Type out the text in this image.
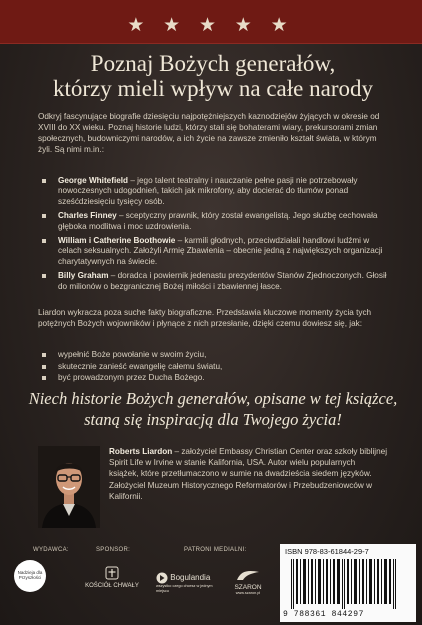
★ ★ ★ ★ ★
Poznaj Bożych generałów,
którzy mieli wpływ na całe narody
Odkryj fascynujące biografie dziesięciu najpotężniejszych kaznodziejów żyjących w okresie od XVIII do XX wieku. Poznaj historie ludzi, którzy stali się bohaterami wiary, prekursorami zmian społecznych, budowniczymi narodów, a ich życie na zawsze zmieniło kształt świata, w którym żyli. Są nimi m.in.:
George Whitefield – jego talent teatralny i nauczanie pełne pasji nie potrzebowały nowoczesnych udogodnień, takich jak mikrofony, aby docierać do tłumów ponad sześćdziesięciu tysięcy osób.
Charles Finney – sceptyczny prawnik, który został ewangelistą. Jego służbę cechowała głęboka modlitwa i moc uzdrowienia.
William i Catherine Boothowie – karmili głodnych, przeciwdziałali handlowi ludźmi w celach seksualnych. Założyli Armię Zbawienia – obecnie jedną z największych organizacji charytatywnych na świecie.
Billy Graham – doradca i powiernik jedenastu prezydentów Stanów Zjednoczonych. Głosił do milionów o bezgranicznej Bożej miłości i zbawiennej łasce.
Liardon wykracza poza suche fakty biograficzne. Przedstawia kluczowe momenty życia tych potężnych Bożych wojowników i płynące z nich przesłanie, dzięki czemu dowiesz się, jak:
wypełnić Boże powołanie w swoim życiu,
skutecznie zanieść ewangelię całemu światu,
być prowadzonym przez Ducha Bożego.
Niech historie Bożych generałów, opisane w tej książce,
staną się inspiracją dla Twojego życia!
Roberts Liardon – założyciel Embassy Christian Center oraz szkoły biblijnej Spirit Life w Irvine w stanie Kalifornia, USA. Autor wielu popularnych książek, które przetłumaczono w sumie na dwadzieścia siedem języków. Założyciel Muzeum Historycznego Reformatorów i Przebudzeniowców w Kalifornii.
WYDAWCA:	SPONSOR:	PATRONI MEDIALNI:
Nadzieja dla Przyszłości
KOŚCIÓŁ CHWAŁY
Bogulandia
wszystko czego chcesz w jednym miejscu	SZARON
www.szaron.pl
ISBN 978-83-61844-29-7
9 788361 844297
